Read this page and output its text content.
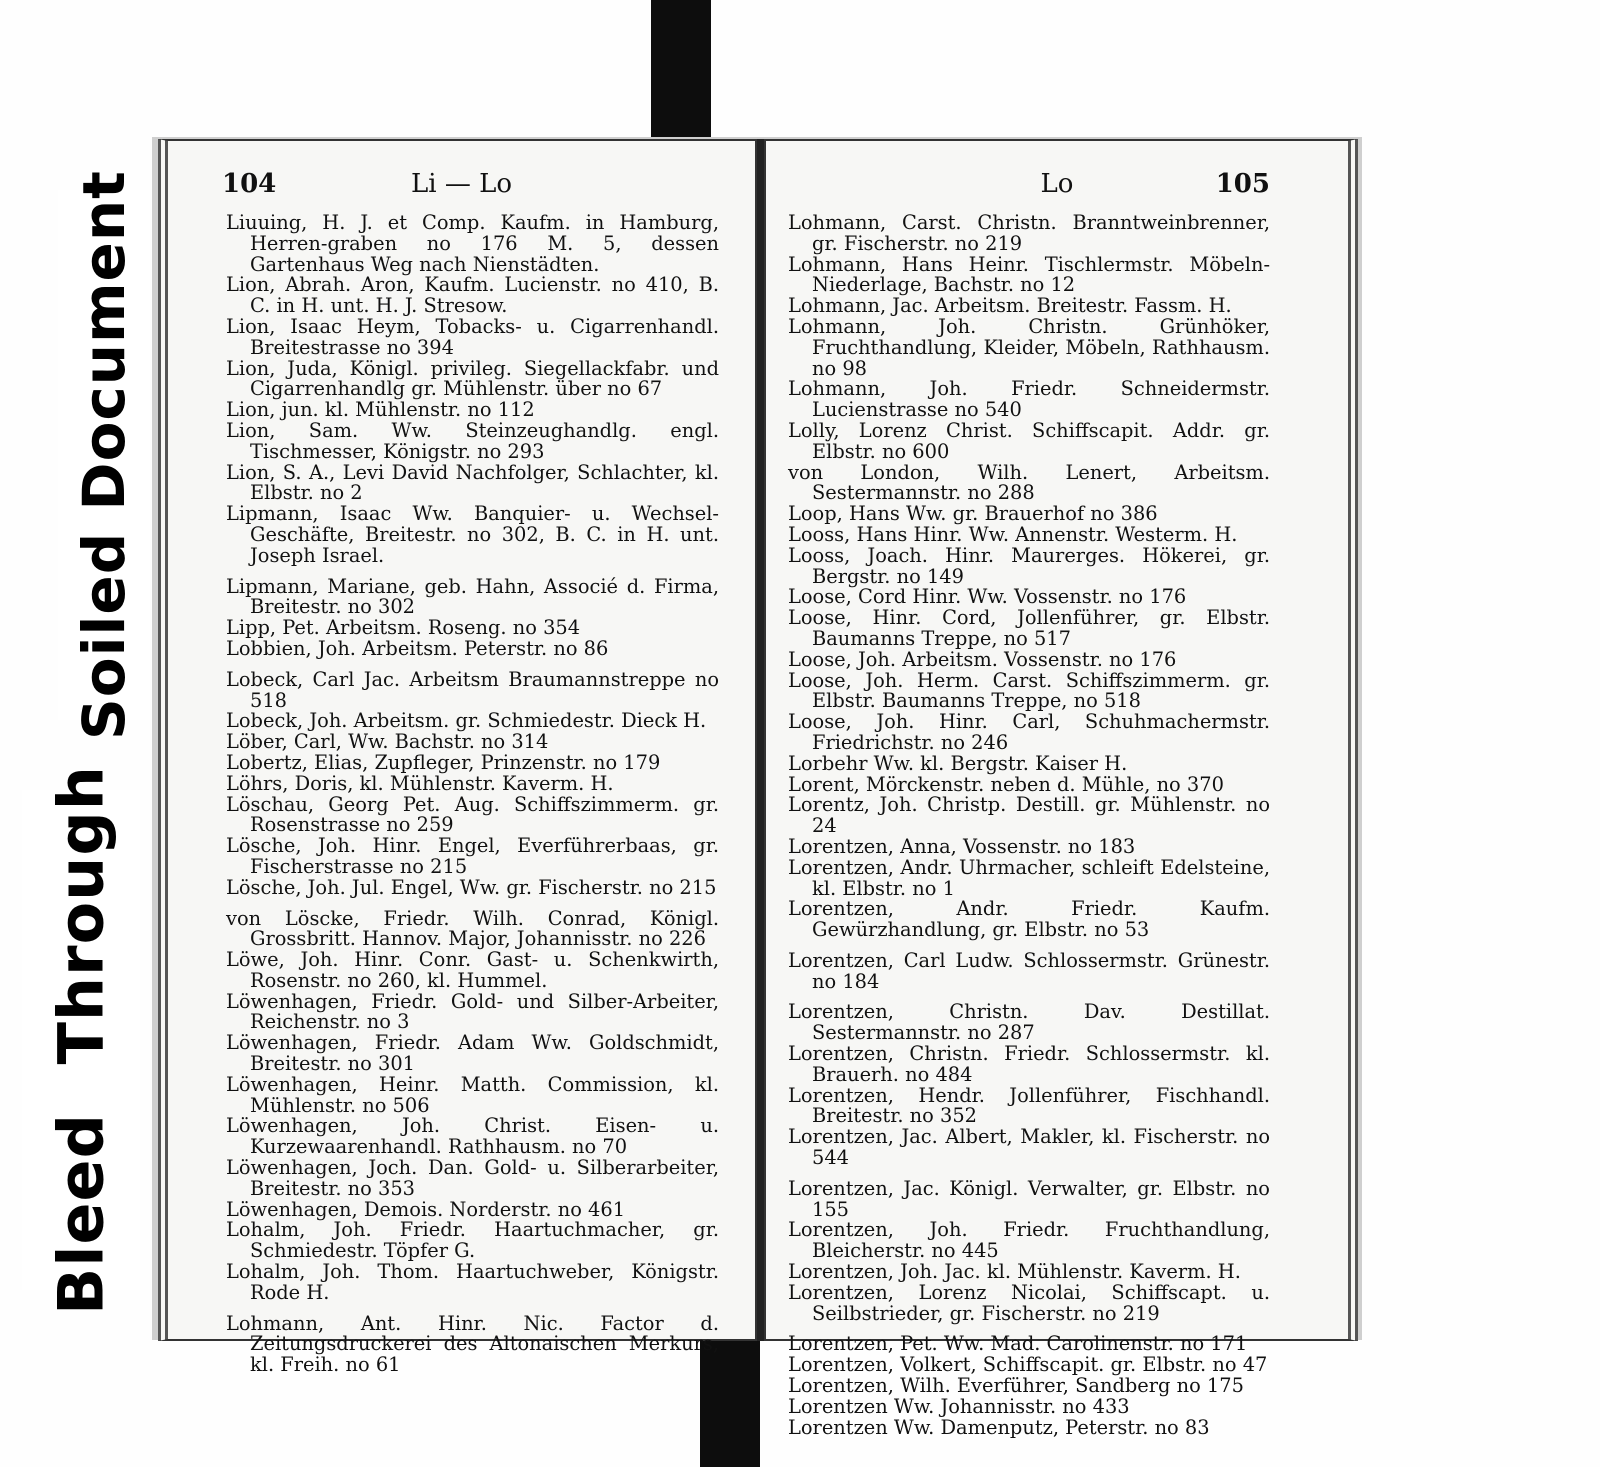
Soiled Document
Bleed Through
104	Li — Lo

Liuuing, H. J. et Comp. Kaufm. in Hamburg, Herren-graben no 176 M. 5, dessen Gartenhaus Weg nach Nienstädten.

Lion, Abrah. Aron, Kaufm. Lucienstr. no 410, B. C. in H. unt. H. J. Stresow.

Lion, Isaac Heym, Tobacks- u. Cigarrenhandl. Breitestrasse no 394

Lion, Juda, Königl. privileg. Siegellackfabr. und Cigarrenhandlg gr. Mühlenstr. über no 67

Lion, jun. kl. Mühlenstr. no 112

Lion, Sam. Ww. Steinzeughandlg. engl. Tischmesser, Königstr. no 293

Lion, S. A., Levi David Nachfolger, Schlachter, kl. Elbstr. no 2

Lipmann, Isaac Ww. Banquier- u. Wechsel-Geschäfte, Breitestr. no 302, B. C. in H. unt. Joseph Israel.

Lipmann, Mariane, geb. Hahn, Associé d. Firma, Breitestr. no 302

Lipp, Pet. Arbeitsm. Roseng. no 354

Lobbien, Joh. Arbeitsm. Peterstr. no 86

Lobeck, Carl Jac. Arbeitsm Braumannstreppe no 518

Lobeck, Joh. Arbeitsm. gr. Schmiedestr. Dieck H.

Löber, Carl, Ww. Bachstr. no 314

Lobertz, Elias, Zupfleger, Prinzenstr. no 179

Löhrs, Doris, kl. Mühlenstr. Kaverm. H.

Löschau, Georg Pet. Aug. Schiffszimmerm. gr. Rosenstrasse no 259

Lösche, Joh. Hinr. Engel, Everführerbaas, gr. Fischerstrasse no 215

Lösche, Joh. Jul. Engel, Ww. gr. Fischerstr. no 215

von Löscke, Friedr. Wilh. Conrad, Königl. Grossbritt. Hannov. Major, Johannisstr. no 226

Löwe, Joh. Hinr. Conr. Gast- u. Schenkwirth, Rosenstr. no 260, kl. Hummel.

Löwenhagen, Friedr. Gold- und Silber-Arbeiter, Reichenstr. no 3

Löwenhagen, Friedr. Adam Ww. Goldschmidt, Breitestr. no 301

Löwenhagen, Heinr. Matth. Commission, kl. Mühlenstr. no 506

Löwenhagen, Joh. Christ. Eisen- u. Kurzewaarenhandl. Rathhausm. no 70

Löwenhagen, Joch. Dan. Gold- u. Silberarbeiter, Breitestr. no 353

Löwenhagen, Demois. Norderstr. no 461

Lohalm, Joh. Friedr. Haartuchmacher, gr. Schmiedestr. Töpfer G.

Lohalm, Joh. Thom. Haartuchweber, Königstr. Rode H.

Lohmann, Ant. Hinr. Nic. Factor d. Zeitungsdruckerei des Altonaischen Merkurs, kl. Freih. no 61

Lo	105

Lohmann, Carst. Christn. Branntweinbrenner, gr. Fischerstr. no 219

Lohmann, Hans Heinr. Tischlermstr. Möbeln-Niederlage, Bachstr. no 12

Lohmann, Jac. Arbeitsm. Breitestr. Fassm. H.

Lohmann, Joh. Christn. Grünhöker, Fruchthandlung, Kleider, Möbeln, Rathhausm. no 98

Lohmann, Joh. Friedr. Schneidermstr. Lucienstrasse no 540

Lolly, Lorenz Christ. Schiffscapit. Addr. gr. Elbstr. no 600

von London, Wilh. Lenert, Arbeitsm. Sestermannstr. no 288

Loop, Hans Ww. gr. Brauerhof no 386

Looss, Hans Hinr. Ww. Annenstr. Westerm. H.

Looss, Joach. Hinr. Maurerges. Hökerei, gr. Bergstr. no 149

Loose, Cord Hinr. Ww. Vossenstr. no 176

Loose, Hinr. Cord, Jollenführer, gr. Elbstr. Baumanns Treppe, no 517

Loose, Joh. Arbeitsm. Vossenstr. no 176

Loose, Joh. Herm. Carst. Schiffszimmerm. gr. Elbstr. Baumanns Treppe, no 518

Loose, Joh. Hinr. Carl, Schuhmachermstr. Friedrichstr. no 246

Lorbehr Ww. kl. Bergstr. Kaiser H.

Lorent, Mörckenstr. neben d. Mühle, no 370

Lorentz, Joh. Christp. Destill. gr. Mühlenstr. no 24

Lorentzen, Anna, Vossenstr. no 183

Lorentzen, Andr. Uhrmacher, schleift Edelsteine, kl. Elbstr. no 1

Lorentzen, Andr. Friedr. Kaufm. Gewürzhandlung, gr. Elbstr. no 53

Lorentzen, Carl Ludw. Schlossermstr. Grünestr. no 184

Lorentzen, Christn. Dav. Destillat. Sestermannstr. no 287

Lorentzen, Christn. Friedr. Schlossermstr. kl. Brauerh. no 484

Lorentzen, Hendr. Jollenführer, Fischhandl. Breitestr. no 352

Lorentzen, Jac. Albert, Makler, kl. Fischerstr. no 544

Lorentzen, Jac. Königl. Verwalter, gr. Elbstr. no 155

Lorentzen, Joh. Friedr. Fruchthandlung, Bleicherstr. no 445

Lorentzen, Joh. Jac. kl. Mühlenstr. Kaverm. H.

Lorentzen, Lorenz Nicolai, Schiffscapt. u. Seilbstrieder, gr. Fischerstr. no 219

Lorentzen, Pet. Ww. Mad. Carolinenstr. no 171

Lorentzen, Volkert, Schiffscapit. gr. Elbstr. no 47

Lorentzen, Wilh. Everführer, Sandberg no 175

Lorentzen Ww. Johannisstr. no 433

Lorentzen Ww. Damenputz, Peterstr. no 83
